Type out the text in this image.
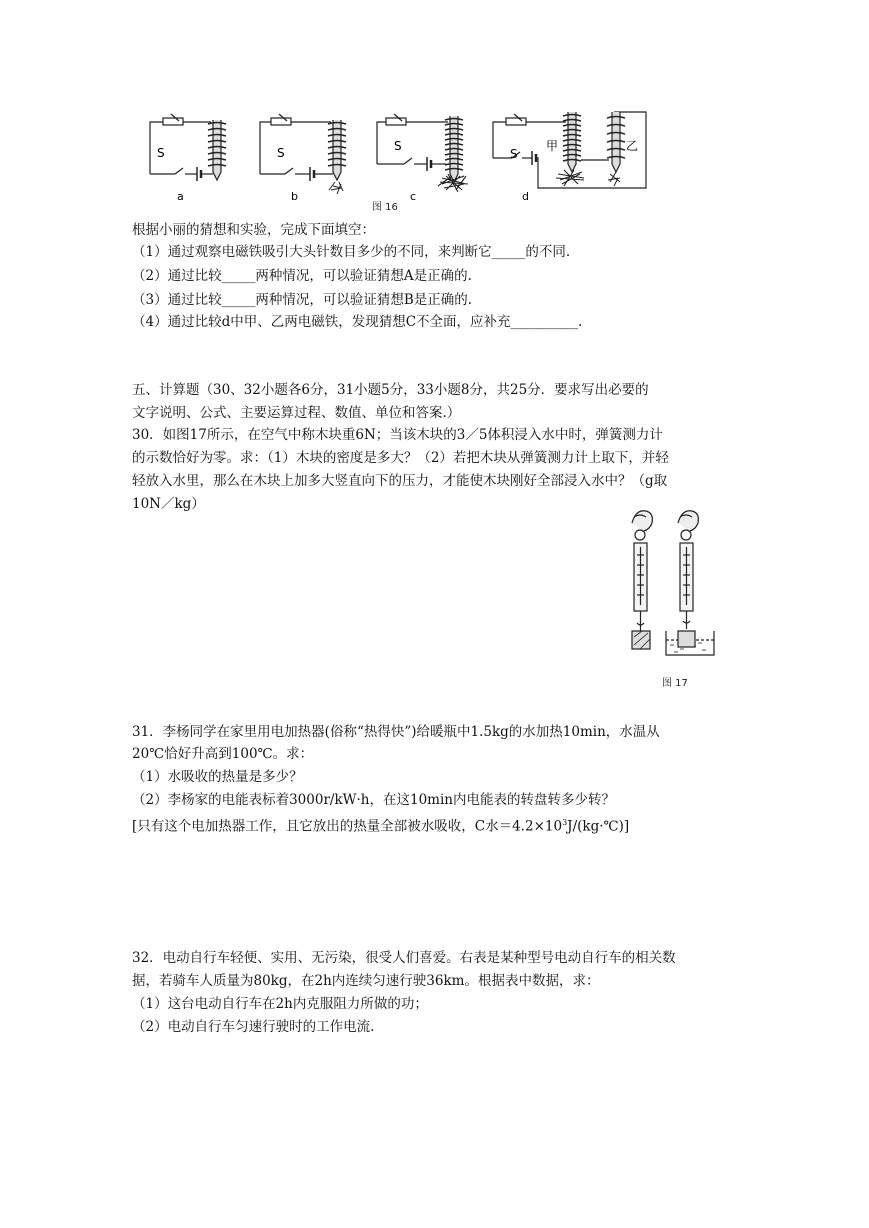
S
a
S
b
S
c
S
甲	乙
d
图 16
根据小丽的猜想和实验，完成下面填空：
（1）通过观察电磁铁吸引大头针数目多少的不同，来判断它_____的不同.
（2）通过比较_____两种情况，可以验证猜想A是正确的.
（3）通过比较_____两种情况，可以验证猜想B是正确的.
（4）通过比较d中甲、乙两电磁铁，发现猜想C不全面，应补充__________.
五、计算题（30、32小题各6分，31小题5分，33小题8分，共25分．要求写出必要的
文字说明、公式、主要运算过程、数值、单位和答案.）
30．如图17所示，在空气中称木块重6N；当该木块的3／5体积浸入水中时，弹簧测力计
的示数恰好为零。求：（1）木块的密度是多大？（2）若把木块从弹簧测力计上取下，并轻
轻放入水里，那么在木块上加多大竖直向下的压力，才能使木块刚好全部浸入水中？（g取
10N／kg）
图 17
31．李杨同学在家里用电加热器(俗称“热得快”)给暖瓶中1.5kg的水加热10min，水温从
20℃恰好升高到100℃。求：
（1）水吸收的热量是多少？
（2）李杨家的电能表标着3000r/kW·h，在这10min内电能表的转盘转多少转？
[只有这个电加热器工作，且它放出的热量全部被水吸收，C水$=4.2\times 10^3J/(kg\cdot℃)$]
32．电动自行车轻便、实用、无污染，很受人们喜爱。右表是某种型号电动自行车的相关数
据，若骑车人质量为80kg，在2h内连续匀速行驶36km。根据表中数据，求：
（1）这台电动自行车在2h内克服阻力所做的功；
（2）电动自行车匀速行驶时的工作电流.
